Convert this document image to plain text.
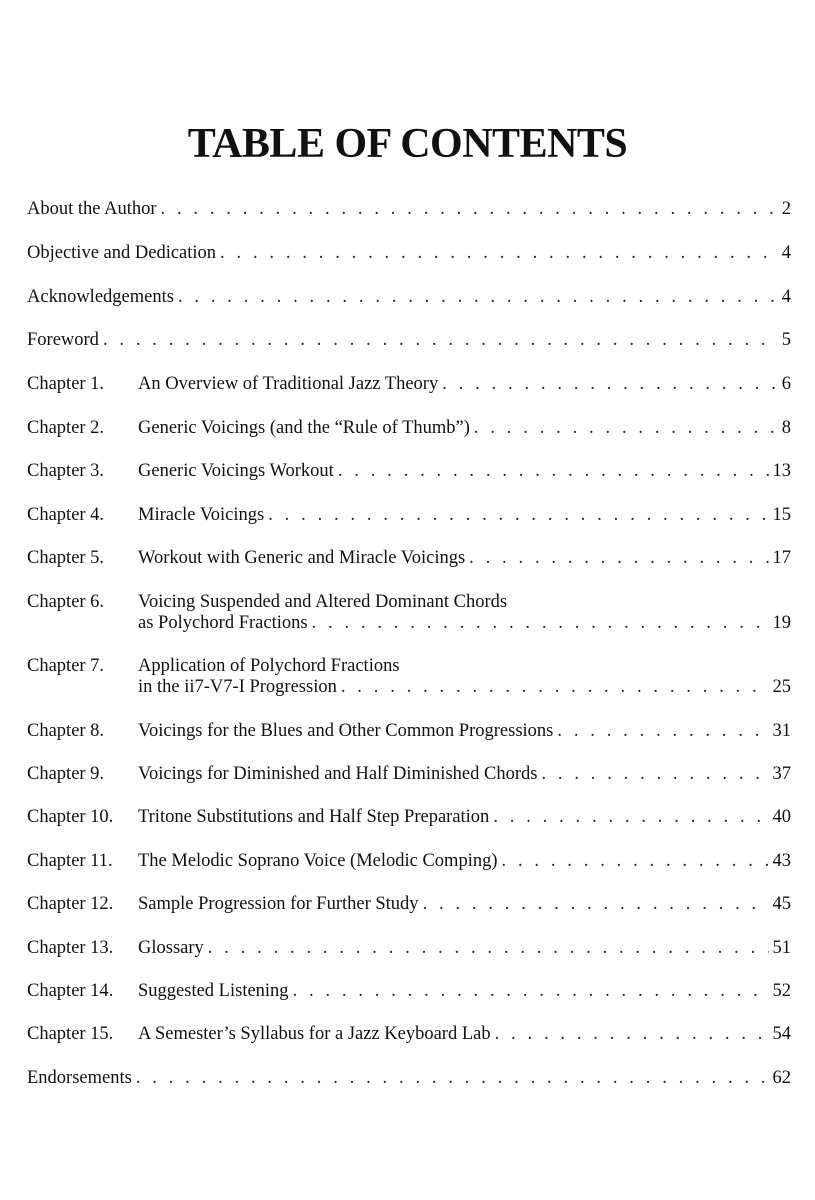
TABLE OF CONTENTS
About the Author . . .	2
Objective and Dedication . . .	4
Acknowledgements . . .	4
Foreword . . .	5
Chapter 1.	An Overview of Traditional Jazz Theory . . .	6
Chapter 2.	Generic Voicings (and the “Rule of Thumb”) . . .	8
Chapter 3.	Generic Voicings Workout . . .	13
Chapter 4.	Miracle Voicings . . .	15
Chapter 5.	Workout with Generic and Miracle Voicings . . .	17
Chapter 6.	Voicing Suspended and Altered Dominant Chords
as Polychord Fractions . . .	19
Chapter 7.	Application of Polychord Fractions
in the ii7-V7-I Progression . . .	25
Chapter 8.	Voicings for the Blues and Other Common Progressions . . .	31
Chapter 9.	Voicings for Diminished and Half Diminished Chords . . .	37
Chapter 10.	Tritone Substitutions and Half Step Preparation . . .	40
Chapter 11.	The Melodic Soprano Voice (Melodic Comping) . . .	43
Chapter 12.	Sample Progression for Further Study . . .	45
Chapter 13.	Glossary . . .	51
Chapter 14.	Suggested Listening . . .	52
Chapter 15.	A Semester’s Syllabus for a Jazz Keyboard Lab . . .	54
Endorsements . . .	62
